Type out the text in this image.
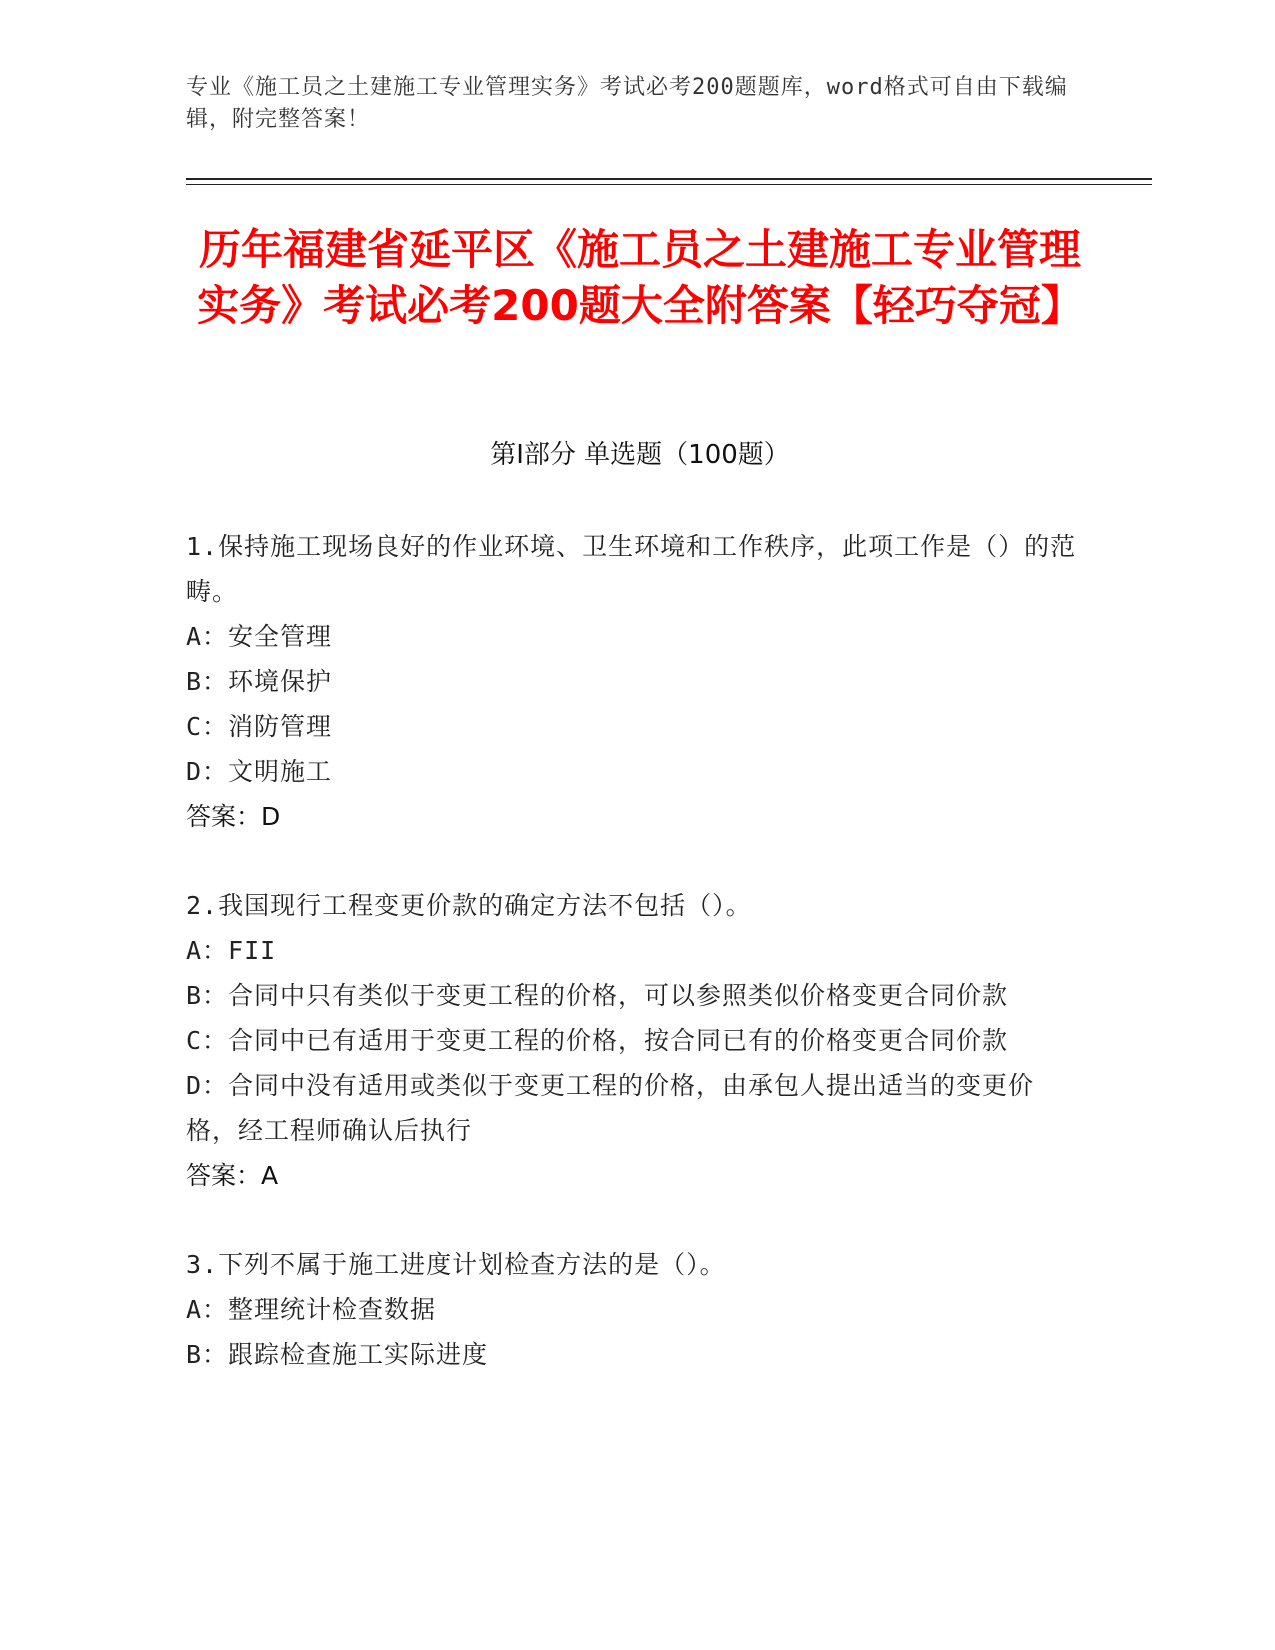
专业《施工员之土建施工专业管理实务》考试必考200题题库，word格式可自由下载编辑，附完整答案！
历年福建省延平区《施工员之土建施工专业管理实务》考试必考200题大全附答案【轻巧夺冠】
第I部分 单选题（100题）
1.保持施工现场良好的作业环境、卫生环境和工作秩序，此项工作是（）的范畴。
A：安全管理
B：环境保护
C：消防管理
D：文明施工
答案：D
2.我国现行工程变更价款的确定方法不包括（）。
A：FII
B：合同中只有类似于变更工程的价格，可以参照类似价格变更合同价款
C：合同中已有适用于变更工程的价格，按合同已有的价格变更合同价款
D：合同中没有适用或类似于变更工程的价格，由承包人提出适当的变更价格，经工程师确认后执行
答案：A
3.下列不属于施工进度计划检查方法的是（）。
A：整理统计检查数据
B：跟踪检查施工实际进度
